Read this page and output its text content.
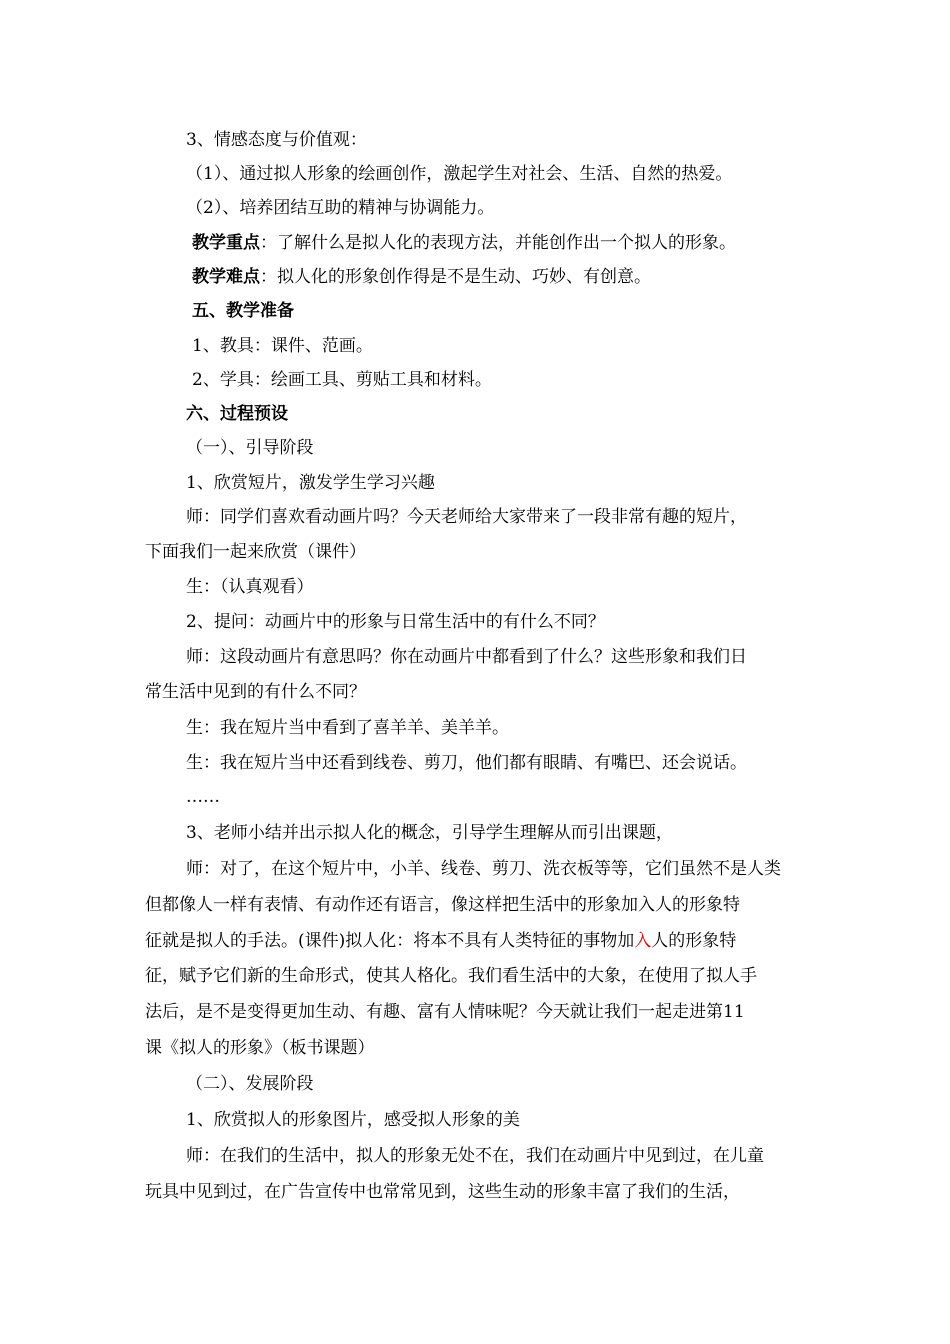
3、情感态度与价值观：
（1）、通过拟人形象的绘画创作，激起学生对社会、生活、自然的热爱。
（2）、培养团结互助的精神与协调能力。
教学重点：了解什么是拟人化的表现方法，并能创作出一个拟人的形象。
教学难点：拟人化的形象创作得是不是生动、巧妙、有创意。
五、教学准备
1、教具：课件、范画。
2、学具：绘画工具、剪贴工具和材料。
六、过程预设
（一）、引导阶段
1、欣赏短片，激发学生学习兴趣
师：同学们喜欢看动画片吗？今天老师给大家带来了一段非常有趣的短片，
下面我们一起来欣赏（课件）
生：（认真观看）
2、提问：动画片中的形象与日常生活中的有什么不同？
师：这段动画片有意思吗？你在动画片中都看到了什么？这些形象和我们日
常生活中见到的有什么不同？
生：我在短片当中看到了喜羊羊、美羊羊。
生：我在短片当中还看到线卷、剪刀，他们都有眼睛、有嘴巴、还会说话。
……
3、老师小结并出示拟人化的概念，引导学生理解从而引出课题，
师：对了，在这个短片中，小羊、线卷、剪刀、洗衣板等等，它们虽然不是人类
但都像人一样有表情、有动作还有语言，像这样把生活中的形象加入人的形象特
征就是拟人的手法。(课件)拟人化：将本不具有人类特征的事物加入人的形象特
征，赋予它们新的生命形式，使其人格化。我们看生活中的大象，在使用了拟人手
法后，是不是变得更加生动、有趣、富有人情味呢？今天就让我们一起走进第11
课《拟人的形象》（板书课题）
（二）、发展阶段
1、欣赏拟人的形象图片，感受拟人形象的美
师：在我们的生活中，拟人的形象无处不在，我们在动画片中见到过，在儿童
玩具中见到过，在广告宣传中也常常见到，这些生动的形象丰富了我们的生活，
